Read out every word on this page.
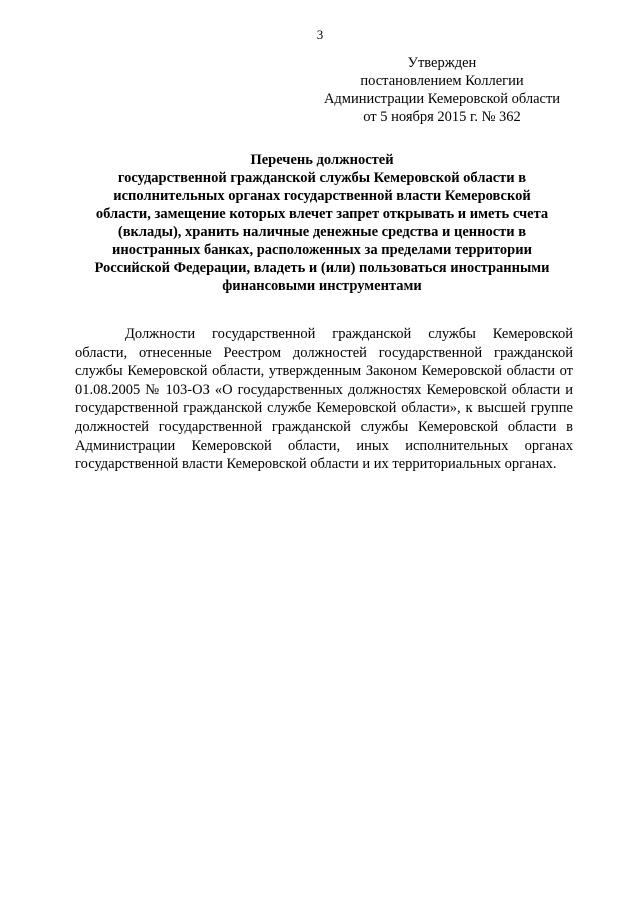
3
Утвержден
постановлением Коллегии
Администрации Кемеровской области
от 5 ноября 2015 г. № 362
Перечень должностей
государственной гражданской службы Кемеровской области в
исполнительных органах государственной власти Кемеровской
области, замещение которых влечет запрет открывать и иметь счета
(вклады), хранить наличные денежные средства и ценности в
иностранных банках, расположенных за пределами территории
Российской Федерации, владеть и (или) пользоваться иностранными
финансовыми инструментами

Должности государственной гражданской службы Кемеровской области, отнесенные Реестром должностей государственной гражданской службы Кемеровской области, утвержденным Законом Кемеровской области от 01.08.2005 № 103-ОЗ «О государственных должностях Кемеровской области и государственной гражданской службе Кемеровской области», к высшей группе должностей государственной гражданской службы Кемеровской области в Администрации Кемеровской области, иных исполнительных органах государственной власти Кемеровской области и их территориальных органах.
